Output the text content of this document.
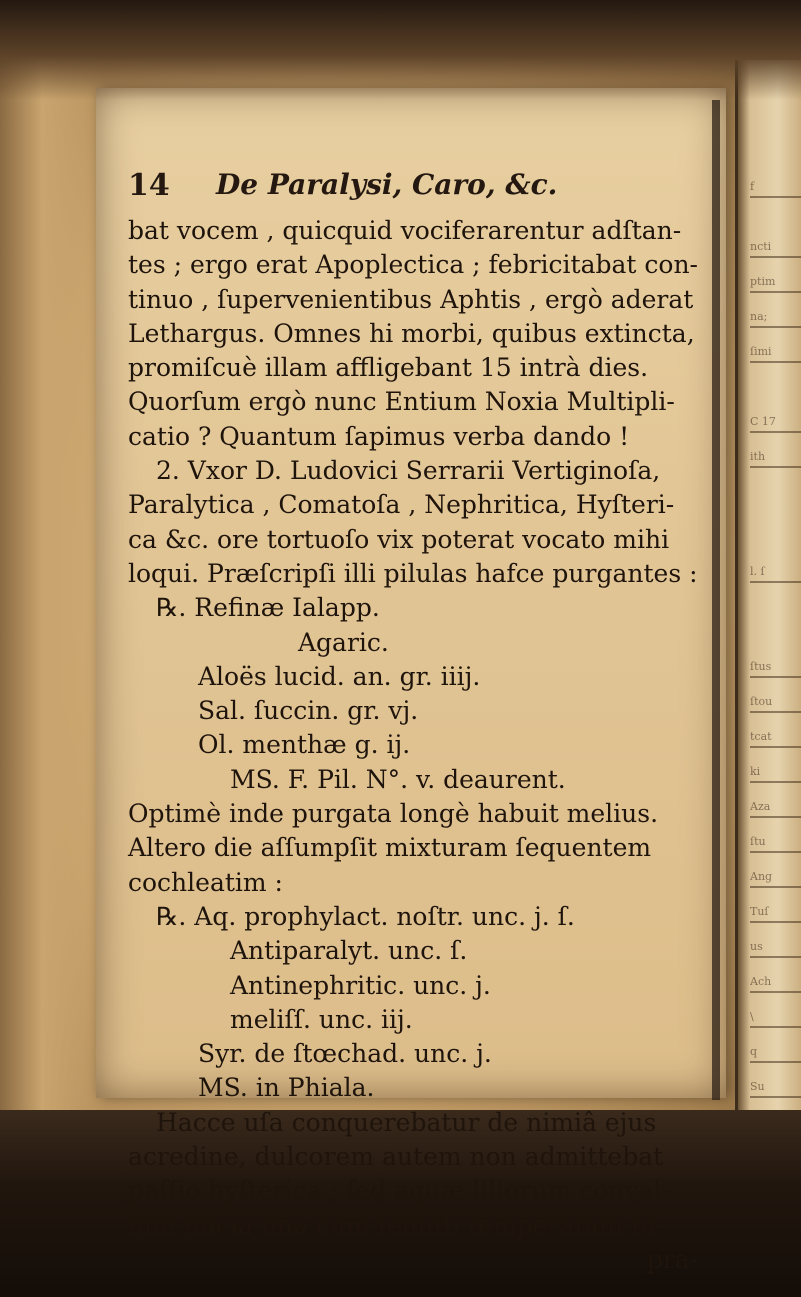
ncti
ptim
na;
ſimi
C 17
ith
l. ſ
ſtus
ſtou
tcat
ki
Aza
ſtu
Ang
Tuſ
us
Ach
\
q
Su
f
14 De Paralysi, Caro, &c.
bat vocem , quicquid vociferarentur adſtan-
tes ; ergo erat Apoplectica ; febricitabat con-
tinuo , ſupervenientibus Aphtis , ergò aderat
Lethargus. Omnes hi morbi, quibus extincta,
promiſcuè illam affligebant 15 intrà dies.
Quorſum ergò nunc Entium Noxia Multipli-
catio ? Quantum ſapimus verba dando !
2. Vxor D. Ludovici Serrarii Vertiginoſa,
Paralytica , Comatoſa , Nephritica, Hyſteri-
ca &c. ore tortuoſo vix poterat vocato mihi
loqui. Præſcripſi illi pilulas hafce purgantes :
℞. Refinæ Ialapp.
Agaric.
Aloës lucid. an. gr. iiij.
Sal. ſuccin. gr. vj.
Ol. menthæ g. ij.
MS. F. Pil. N°. v. deaurent.
Optimè inde purgata longè habuit melius.
Altero die aſſumpſit mixturam ſequentem
cochleatim :
℞. Aq. prophylact. noſtr. unc. j. ſ.
Antiparalyt. unc. ſ.
Antinephritic. unc. j.
meliſſ. unc. iij.
Syr. de ſtœchad. unc. j.
MS. in Phiala.
Hacce uſa conquerebatur de nimiâ ejus
acredine, dulcorem autem non admittebat
paſſio hyſterica ; ſed aquæ liliorum conval-
ium unciâ unâ cum ſemiſſi temperatam ſu-
pra-
